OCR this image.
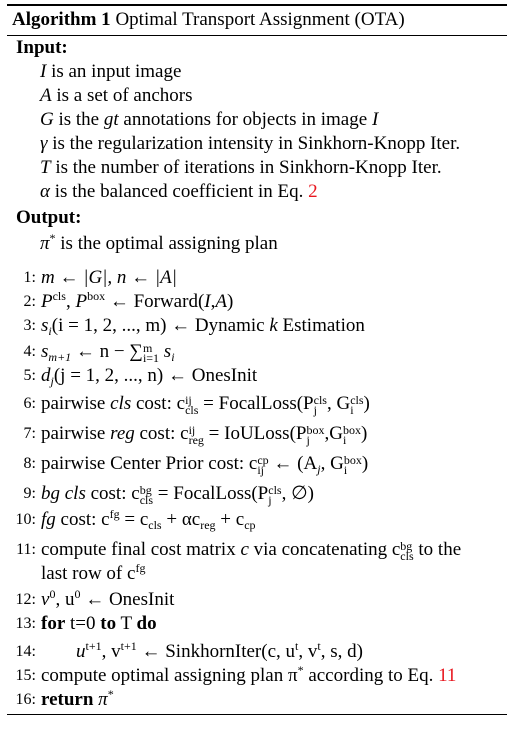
Algorithm 1 Optimal Transport Assignment (OTA)
Input:
I is an input image
A is a set of anchors
G is the gt annotations for objects in image I
γ is the regularization intensity in Sinkhorn-Knopp Iter.
T is the number of iterations in Sinkhorn-Knopp Iter.
α is the balanced coefficient in Eq. 2
Output:
π* is the optimal assigning plan
1: m ← |G|, n ← |A|
2: $P^{cls}$, $P^{box}$ ← Forward(I,A)
3: $s_i(i = 1$, 2, ..., m) ← Dynamic k Estimation
4: $s_{m+1}$ ← n − ∑ m
i=1 $s_i$
5: $d_j(j = 1$, 2, ..., n) ← OnesInit
6: pairwise cls cost: c ij
cls = FocalLoss(P cls
j , G cls
i )
7: pairwise reg cost: c ij
reg = IoULoss(P box
j ,G box
i )
8: pairwise Center Prior cost: c cp
ij ← ($A_j$, G box
i )
9: bg cls cost: c bg
cls = FocalLoss(P cls
j , ∅)
10: fg cost: $c^{fg} = c_{cls} + \alpha c_{reg} + c_{cp}$
11: compute final cost matrix c via concatenating c bg
cls to the
last row of $c^{fg}$
12: $v^0$, $u^0$ ← OnesInit
13: for t=0 to T do
14: $u^{t+1}$, $v^{t+1}$ ← SinkhornIter(c, $u^t$, $v^t$, s, d)
15: compute optimal assigning plan π* according to Eq. 11
16: return π*
